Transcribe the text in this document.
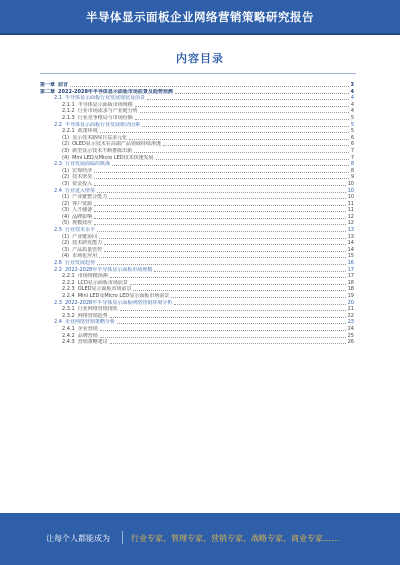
半导体显示面板企业网络营销策略研究报告
内容目录
第一章 前言	3
第二章 2022-2028年半导体显示面板市场前景及趋势预测	4
2.1 半导体显示面板行业发展现状及前景	4
2.1.1 半导体显示面板市场规模	4
2.1.2 行业市场需求与产业链分析	4
2.1.3 行业竞争格局与市场份额	5
2.2 半导体显示面板行业发展驱动因素	5
2.2.1 政策环境	5
(1) 显示技术路线日益多元化	6
(2) OLED显示技术在高端产品领域持续渗透	6
(3) 新型显示技术不断推陈出新	7
(4) Mini LED及Micro LED技术快速发展	7
2.3 行业发展面临的挑战	8
(1) 宏观经济	8
(2) 技术壁垒	9
(3) 资金投入	10
2.4 行业进入壁垒	10
(1) 产业链整合能力	10
(2) 客户资源	11
(3) 人才储备	11
(4) 品牌影响	12
(5) 规模效应	12
2.5 行业技术水平	13
(1) 产业链协同	13
(2) 技术研发能力	14
(3) 产品质量管控	14
(4) 市场化应用	15
2.6 行业发展趋势	16
2.2 2022-2028年半导体显示面板市场规模	17
2.2.1 市场规模预测	17
2.2.2 LCD显示面板市场前景	18
2.2.3 OLED显示面板市场前景	18
2.2.4 Mini LED及Micro LED显示面板市场前景	19
2.3 2022-2028年半导体显示面板网络营销环境分析	20
2.3.1 行业网络营销现状	21
2.3.2 网络营销趋势	22
2.4 企业网络营销策略分析	23
2.4.1 企业营销	24
2.4.2 品牌营销	25
2.4.3 营销策略建议	26
让每个人都能成为	行业专家、管理专家、营销专家、战略专家、商业专家……
